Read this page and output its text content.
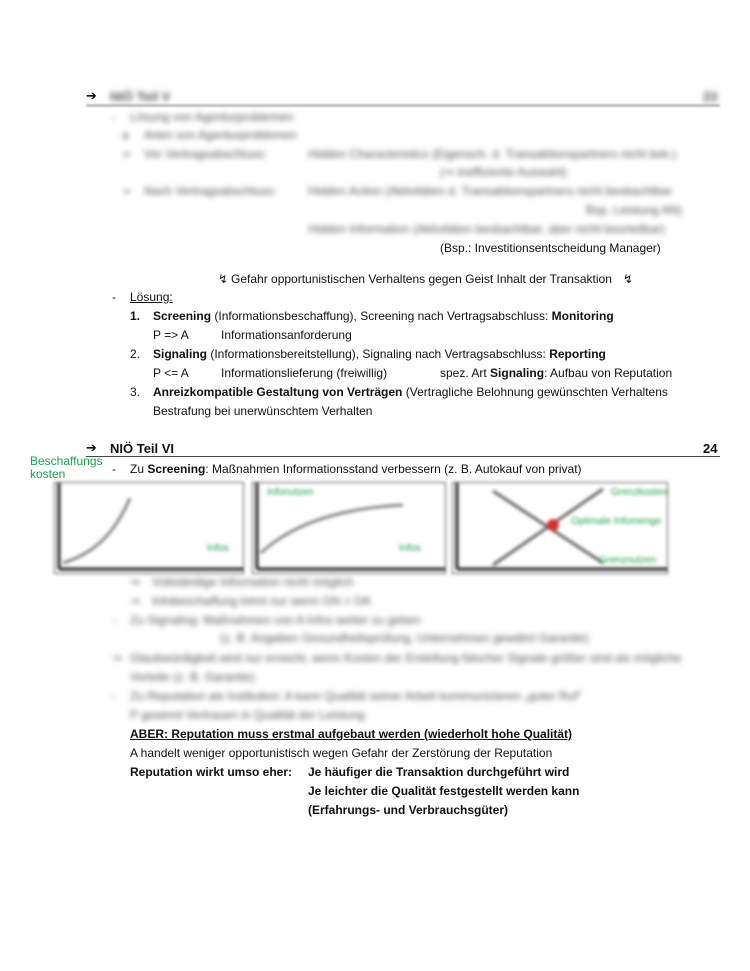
➔ NIÖ Teil V	23
- Lösung von Agenturproblemen
a Arten von Agenturproblemen
➢ Vor Vertragsabschluss:	Hidden Characteristics (Eigensch. d. Transaktionspartners nicht bek.)
(⇒ ineffiziente Auswahl)
➢ Nach Vertragsabschluss:	Hidden Action (Aktivitäten d. Transaktionspartners nicht beobachtbar
Bsp. Leistung AN)
Hidden Information (Aktivitäten beobachtbar, aber nicht beurteilbar)
(Bsp.: Investitionsentscheidung Manager)
↯ Gefahr opportunistischen Verhaltens gegen Geist Inhalt der Transaktion ↯
- Lösung:
1. Screening (Informationsbeschaffung), Screening nach Vertragsabschluss: Monitoring
P => A	Informationsanforderung
2. Signaling (Informationsbereitstellung), Signaling nach Vertragsabschluss: Reporting
P <= A	Informationslieferung (freiwillig)	spez. Art Signaling: Aufbau von Reputation
3. Anreizkompatible Gestaltung von Verträgen (Vertragliche Belohnung gewünschten Verhaltens
Bestrafung bei unerwünschtem Verhalten
➔ NIÖ Teil VI	24
Beschaffungs
kosten	- Zu Screening: Maßnahmen Informationsstand verbessern (z. B. Autokauf von privat)
Infos
Infonutzen
Infos
Grenzkosten
Optimale Infomenge
Grenznutzen
⇒ Vollständige Information nicht möglich
⇒ Infobeschaffung lohnt nur wenn GN > GK
- Zu Signaling: Maßnahmen von A Infos weiter zu geben
(z. B. Angaben Gesundheitsprüfung, Unternehmen gewährt Garantie)
⇒ Glaubwürdigkeit wird nur erreicht, wenn Kosten der Erstellung falscher Signale größer sind als mögliche
Vorteile (z. B. Garantie)
- Zu Reputation als Institution: A kann Qualität seiner Arbeit kommunizieren „guter Ruf“
P gewinnt Vertrauen in Qualität der Leistung
ABER: Reputation muss erstmal aufgebaut werden (wiederholt hohe Qualität)
A handelt weniger opportunistisch wegen Gefahr der Zerstörung der Reputation
Reputation wirkt umso eher: Je häufiger die Transaktion durchgeführt wird
Je leichter die Qualität festgestellt werden kann
(Erfahrungs- und Verbrauchsgüter)
